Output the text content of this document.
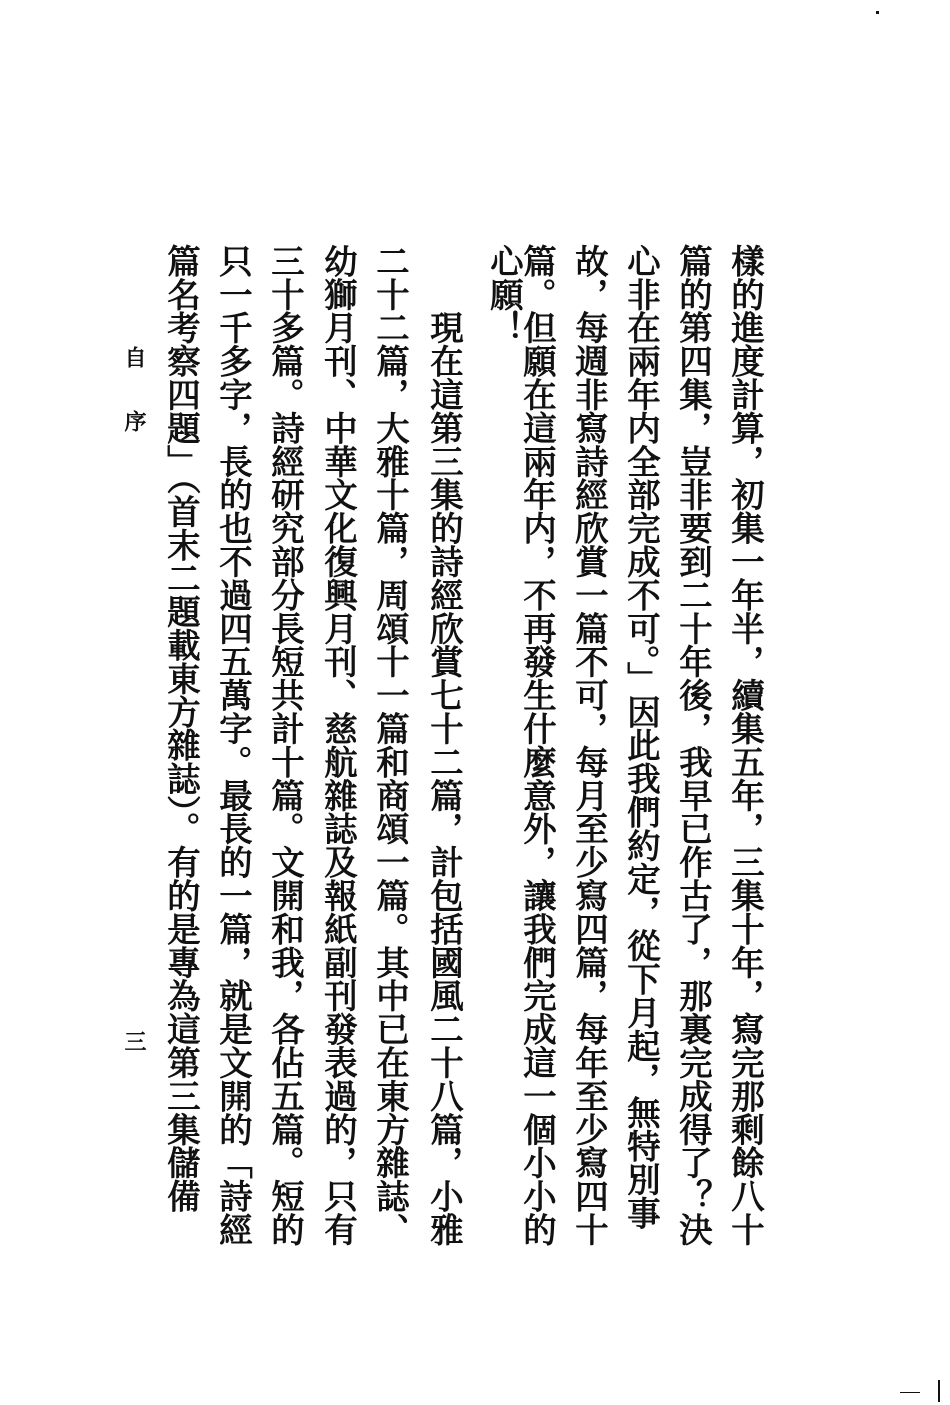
樣的進度計算，初集一年半，續集五年，三集十年，寫完那剩餘八十
篇的第四集，豈非要到二十年後，我早已作古了，那裏完成得了？決
心非在兩年内全部完成不可。」因此我們約定，從下月起，無特別事
故，每週非寫詩經欣賞一篇不可，每月至少寫四篇，每年至少寫四十
篇。但願在這兩年内，不再發生什麼意外，讓我們完成這一個小小的
心願！
　　現在這第三集的詩經欣賞七十二篇，計包括國風二十八篇，小雅
二十二篇，大雅十篇，周頌十一篇和商頌一篇。其中已在東方雜誌、
幼獅月刊、中華文化復興月刊、慈航雜誌及報紙副刊發表過的，只有
三十多篇。詩經研究部分長短共計十篇。文開和我，各佔五篇。短的
只一千多字，長的也不過四五萬字。最長的一篇，就是文開的「詩經
篇名考察四題」（首末二題載東方雜誌）。有的是專為這第三集儲備
自序
三
